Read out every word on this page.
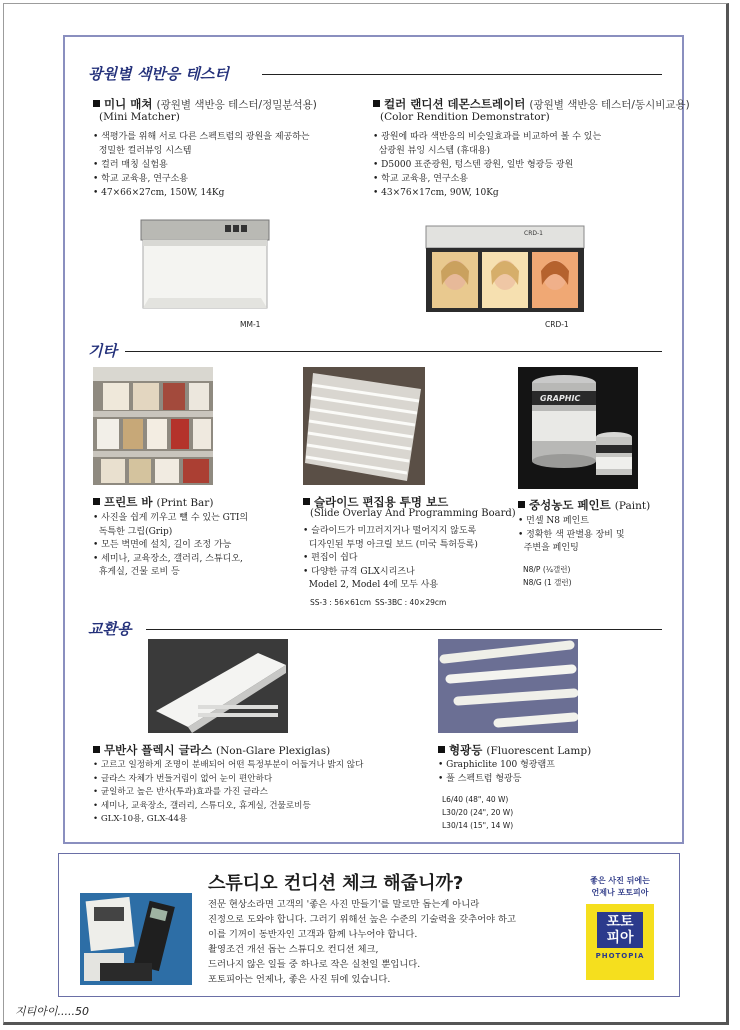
광원별 색반응 테스터
미니 매쳐 (광원별 색반응 테스터/정밀분석용)
(Mini Matcher)
• 색평가를 위해 서로 다른 스펙트럼의 광원을 제공하는
정밀한 컬러뷰잉 시스템
• 컬러 매칭 실험용
• 학교 교육용, 연구소용
• 47×66×27cm, 150W, 14Kg
컬러 랜디션 데몬스트레이터 (광원별 색반응 테스터/동시비교용)
(Color Rendition Demonstrator)
• 광원에 따라 색반응의 비슷일효과를 비교하여 볼 수 있는
삼광원 뷰잉 시스템 (휴대용)
• D5000 표준광원, 텅스텐 광원, 일반 형광등 광원
• 학교 교육용, 연구소용
• 43×76×17cm, 90W, 10Kg
MM-1
CRD-1
CRD-1
기타
GRAPHIC
프린트 바 (Print Bar)
• 사진을 쉽게 끼우고 뺄 수 있는 GTI의
독특한 그립(Grip)
• 모든 벽면에 설치, 길이 조정 가능
• 세미나, 교육장소, 갤러리, 스튜디오,
휴게실, 건물 로비 등
슬라이드 편집용 투명 보드
(Slide Overlay And Programming Board)
• 슬라이드가 미끄러지거나 떨어지지 않도록
디자인된 투명 아크릴 보드 (미국 특허등록)
• 편집이 쉽다
• 다양한 규격 GLX시리즈나
Model 2, Model 4에 모두 사용
SS-3 : 56×61cm SS-3BC : 40×29cm
중성농도 페인트 (Paint)
• 먼셀 N8 페인트
• 정확한 색 판별용 장비 및
주변을 페인팅
N8/P (¼갤런)
N8/G (1 갤런)
교환용
무반사 플렉시 글라스 (Non-Glare Plexiglas)
• 고르고 일정하게 조명이 분배되어 어떤 특정부분이 어둡거나 밝지 않다
• 글라스 자체가 번들거림이 없어 눈이 편안하다
• 균일하고 높은 반사(투과)효과를 가진 글라스
• 세미나, 교육장소, 갤러리, 스튜디오, 휴게실, 건물로비등
• GLX-10용, GLX-44용
형광등 (Fluorescent Lamp)
• Graphiclite 100 형광램프
• 풀 스펙트럼 형광등
L6/40 (48", 40 W)
L30/20 (24", 20 W)
L30/14 (15", 14 W)
스튜디오 컨디션 체크 해줍니까?
전문 현상소라면 고객의 '좋은 사진 만들기'를 말로만 돕는게 아니라
진정으로 도와야 합니다. 그러기 위해선 높은 수준의 기술력을 갖추어야 하고
이를 기꺼이 동반자인 고객과 함께 나누어야 합니다.
촬영조건 개선 돕는 스튜디오 컨디션 체크,
드러나지 않은 일들 중 하나로 작은 실천일 뿐입니다.
포토피아는 언제나, 좋은 사진 뒤에 있습니다.
좋은 사진 뒤에는
언제나 포토피아
포토
피아
PHOTOPIA
지티아이.....50
